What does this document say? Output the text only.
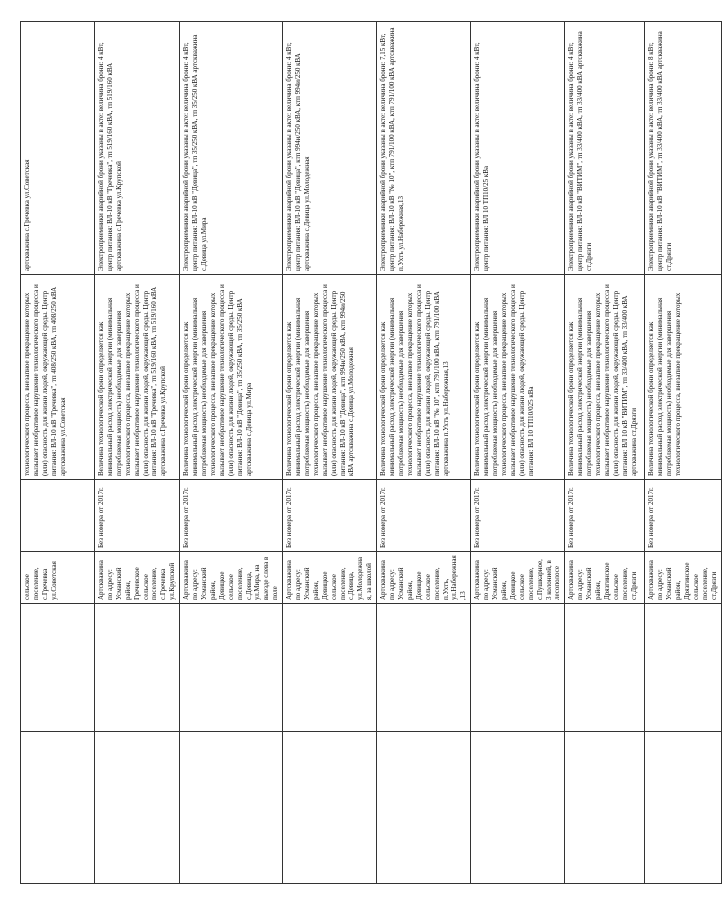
		сельское поселение, с.Гречевка ул.Советская		технологического процесса, внезапное прекращение которых вызывает необратимое нарушение технологического процесса и (или) опасность для жизни людей, окружающей среды. Центр питания: ВЛ-10 кВ "Гречевка", тп 408/250 кВА, тп 408/250 кВА артскважина ул.Советская	артскважина с.Гречевка ул.Советская

		Артскважина по адресу: Усманский район, Гречевское сельское поселение, с.Гречевка ул.Крупской	Без номера от 2017г.	Величина технологической брони определяется как минимальный расход электрической энергии (минимальная потребляемая мощность) необходимые для завершения технологического процесса, внезапное прекращение которых вызывает необратимое нарушение технологического процесса и (или) опасность для жизни людей, окружающей среды. Центр питания: ВЛ-10 кВ "Гречевка", тп 519/160 кВА, тп 519/160 кВА артскважина с.Гречевка ул.Крупской	Электроприемники аварийной брони указаны в акте: величина брони: 4 кВт, центр питания: ВЛ-10 кВ "Гречевка", тп 519/160 кВА, тп 519/160 кВА артскважина с.Гречевка ул.Крупской

		Артскважина по адресу: Усманский район, Девицкое сельское поселение, с.Девица, ул.Мира, на выезде слева в поле	Без номера от 2017г.	Величина технологической брони определяется как минимальный расход электрической энергии (минимальная потребляемая мощность) необходимые для завершения технологического процесса, внезапное прекращение которых вызывает необратимое нарушение технологического процесса и (или) опасность для жизни людей, окружающей среды. Центр питания: ВЛ-10 кВ "Девица", тп 35/250 кВА, тп 35/250 кВА артскважина с.Девица ул.Мира	Электроприемники аварийной брони указаны в акте: величина брони: 4 кВт, центр питания: ВЛ-10 кВ "Девица", тп 35/250 кВА, тп 35/250 кВА артскважина с.Девица ул.Мира

		Артскважина по адресу: Усманский район, Девицкое сельское поселение, с.Девица, ул.Молодежная, за школой	Без номера от 2017г.	Величина технологической брони определяется как минимальный расход электрической энергии (минимальная потребляемая мощность) необходимые для завершения технологического процесса, внезапное прекращение которых вызывает необратимое нарушение технологического процесса и (или) опасность для жизни людей, окружающей среды. Центр питания: ВЛ-10 кВ "Девица", ктп 994и/250 кВА, ктп 994и/250 кВА артскважина с.Девица ул.Молодежная	Электроприемники аварийной брони указаны в акте: величина брони: 4 кВт, центр питания: ВЛ-10 кВ "Девица", ктп 994и/250 кВА, ктп 994и/250 кВА артскважина с.Девица ул.Молодежная

		Артскважина по адресу: Усманский район, Девицкое сельское поселение, п.Ухтъ, ул.Набережная,13	Без номера от 2017г.	Величина технологической брони определяется как минимальный расход электрической энергии (минимальная потребляемая мощность) необходимые для завершения технологического процесса, внезапное прекращение которых вызывает необратимое нарушение технологического процесса и (или) опасность для жизни людей, окружающей среды. Центр питания: ВЛ-10 кВ "№ 10", ктп 791/100 кВА, ктп 791/100 кВА артскважина п.Ухтъ ул.Набережная,13	Электроприемники аварийной брони указаны в акте: величина брони: 7,15 кВт, центр питания: ВЛ-10 кВ "№ 10", ктп 791/100 кВА, ктп 791/100 кВА артскважина п.Ухтъ ул.Набережная,13

		Артскважина по адресу: Усманский район, Девицкое сельское поселение, с.Пушкарное, 3 колонией, в лесополосе	Без номера от 2017г.	Величина технологической брони определяется как минимальный расход электрической энергии (минимальная потребляемая мощность) необходимые для завершения технологического процесса, внезапное прекращение которых вызывает необратимое нарушение технологического процесса и (или) опасность для жизни людей, окружающей среды. Центр питания: ВЛ 10 ТП10/025 кВа	Электроприемники аварийной брони указаны в акте: величина брони: 4 кВт, центр питания: ВЛ 10 ТП10/25 кВа

		Артскважина по адресу: Усманский район, Дрязгинское сельское поселение, ст.Дрязги	Без номера от 2017г.	Величина технологической брони определяется как минимальный расход электрической энергии (минимальная потребляемая мощность) необходимые для завершения технологического процесса, внезапное прекращение которых вызывает необратимое нарушение технологического процесса и (или) опасность для жизни людей, окружающей среды. Центр питания: ВЛ 10 кВ "ВИТИМ", тп 33/400 кВА, тп 33/400 кВА артскважина ст.Дрязги	Электроприемники аварийной брони указаны в акте: величина брони: 4 кВт, центр питания: ВЛ-10 кВ "ВИТИМ", тп 33/400 кВА, тп 33/400 кВА артскважина ст.Дрязги

		Артскважина по адресу: Усманский район, Дрязгинское сельское поселение, ст.Дрязги	Без номера от 2017г.	Величина технологической брони определяется как минимальный расход электрической энергии (минимальная потребляемая мощность) необходимые для завершения технологического процесса, внезапное прекращение которых	Электроприемники аварийной брони указаны в акте: величина брони: 8 кВт, центр питания: ВЛ-10 кВ "ВИТИМ", тп 33/400 кВА, тп 33/400 кВА артскважина ст.Дрязги
